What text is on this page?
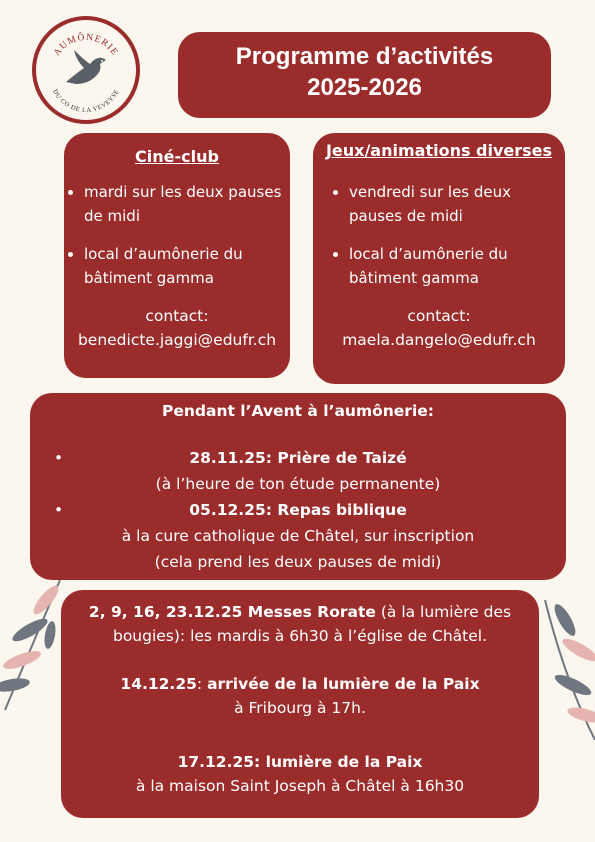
AUMÔNERIE
DU CO DE LA VEVEYSE
Programme d’activités
2025-2026
Ciné-club
• mardi sur les deux pauses de midi
• local d’aumônerie du bâtiment gamma
contact:
benedicte.jaggi@edufr.ch
Jeux/animations diverses
• vendredi sur les deux pauses de midi
• local d’aumônerie du bâtiment gamma
contact:
maela.dangelo@edufr.ch
Pendant l’Avent à l’aumônerie:
•	28.11.25: Prière de Taizé
(à l’heure de ton étude permanente)
•	05.12.25: Repas biblique
à la cure catholique de Châtel, sur inscription
(cela prend les deux pauses de midi)
2, 9, 16, 23.12.25 Messes Rorate (à la lumière des bougies): les mardis à 6h30 à l’église de Châtel.
14.12.25: arrivée de la lumière de la Paix
à Fribourg à 17h.
17.12.25: lumière de la Paix
à la maison Saint Joseph à Châtel à 16h30
